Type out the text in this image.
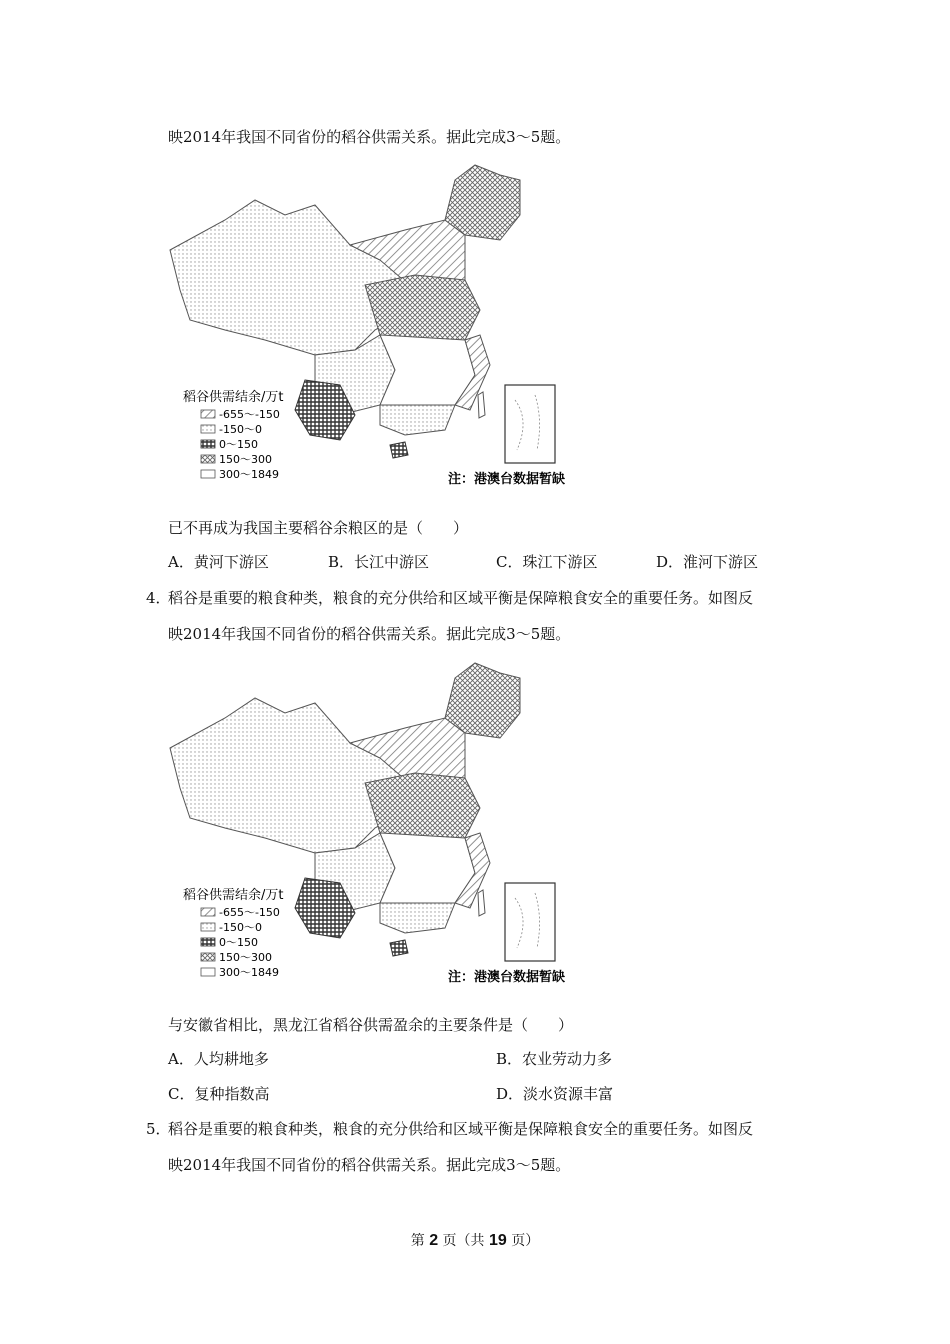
映2014年我国不同省份的稻谷供需关系。据此完成3～5题。
稻谷供需结余/万t
-655～-150
-150～0
0～150
150～300
300～1849	注：港澳台数据暂缺
已不再成为我国主要稻谷余粮区的是（　　）
A．黄河下游区	B．长江中游区	C．珠江下游区	D．淮河下游区
4．
稻谷是重要的粮食种类，粮食的充分供给和区域平衡是保障粮食安全的重要任务。如图反
映2014年我国不同省份的稻谷供需关系。据此完成3～5题。
稻谷供需结余/万t
-655～-150
-150～0
0～150
150～300
300～1849	注：港澳台数据暂缺
与安徽省相比，黑龙江省稻谷供需盈余的主要条件是（　　）
A．人均耕地多	B．农业劳动力多
C．复种指数高	D．淡水资源丰富
5．
稻谷是重要的粮食种类，粮食的充分供给和区域平衡是保障粮食安全的重要任务。如图反
映2014年我国不同省份的稻谷供需关系。据此完成3～5题。
第 2 页（共 19 页）
